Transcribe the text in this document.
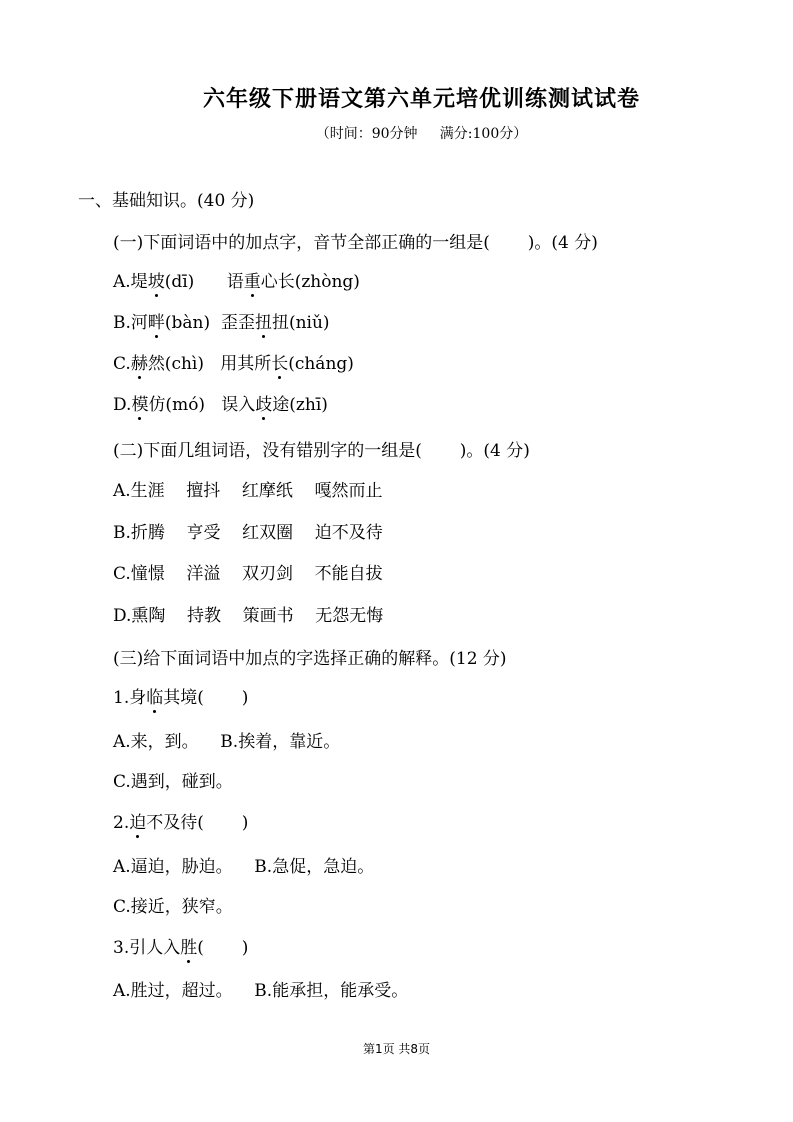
六年级下册语文第六单元培优训练测试试卷
（时间：90分钟     满分:100分）
一、基础知识。(40 分)
(一)下面词语中的加点字，音节全部正确的一组是(       )。(4 分)
A.堤坡(dī)      语重心长(zhòng)
B.河畔(bàn)  歪歪扭扭(niǔ)
C.赫然(chì)   用其所长(cháng)
D.模仿(mó)   误入歧途(zhī)
(二)下面几组词语，没有错别字的一组是(       )。(4 分)
A.生涯    擅抖    红摩纸    嘎然而止
B.折腾    亨受    红双圈    迫不及待
C.憧憬    洋溢    双刃剑    不能自拔
D.熏陶    持教    策画书    无怨无悔
(三)给下面词语中加点的字选择正确的解释。(12 分)
1.身临其境(       )
A.来，到。    B.挨着，靠近。
C.遇到，碰到。
2.迫不及待(       )
A.逼迫，胁迫。    B.急促，急迫。
C.接近，狭窄。
3.引人入胜(       )
A.胜过，超过。    B.能承担，能承受。
第1页 共8页
